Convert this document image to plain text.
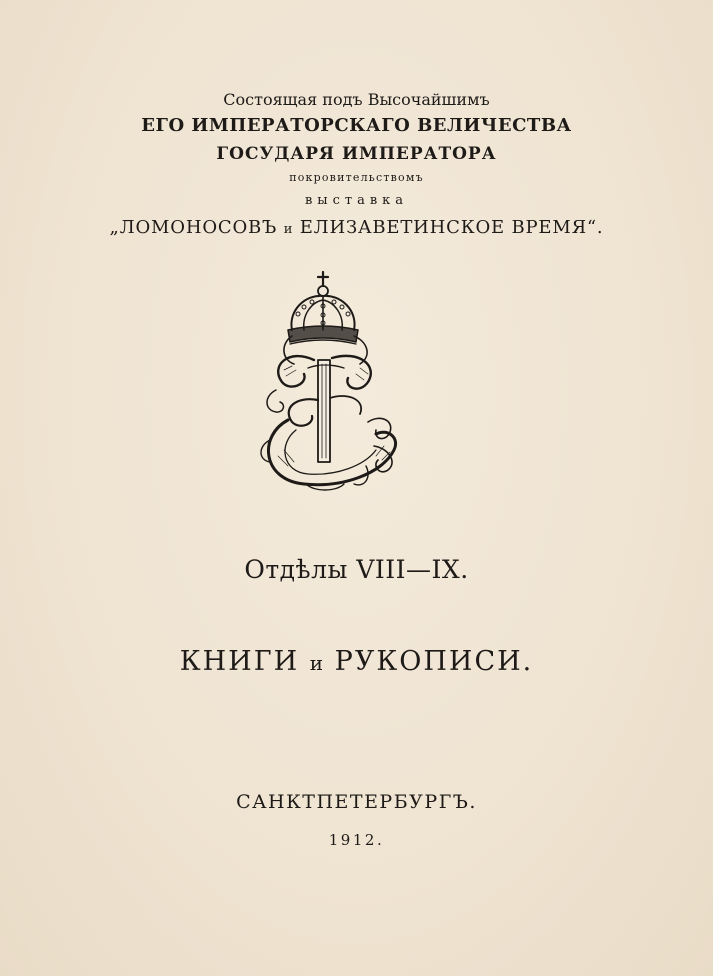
Состоящая подъ Высочайшимъ
ЕГО ИМПЕРАТОРСКАГО ВЕЛИЧЕСТВА
ГОСУДАРЯ ИМПЕРАТОРА
покровительствомъ
выставка
„ЛОМОНОСОВЪ и ЕЛИЗАВЕТИНСКОЕ ВРЕМЯ“.
Отдѣлы VIII—IX.
КНИГИ и РУКОПИСИ.
САНКТПЕТЕРБУРГЪ.
1912.
